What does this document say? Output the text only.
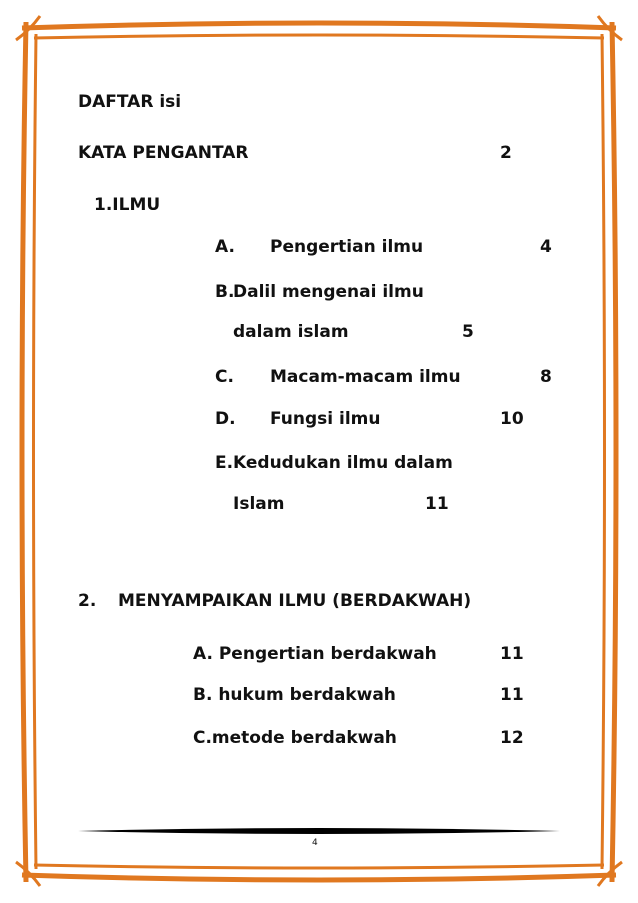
DAFTAR isi
KATA PENGANTAR	2
1.ILMU
A. Pengertian ilmu	4
B.
Dalil mengenai ilmu
dalam islam	5
C. Macam-macam ilmu	8
D. Fungsi ilmu	10
E. Kedudukan ilmu dalam
Islam	11
2. MENYAMPAIKAN ILMU (BERDAKWAH)
A. Pengertian berdakwah	11
B. hukum berdakwah	11
C.metode berdakwah	12
4
